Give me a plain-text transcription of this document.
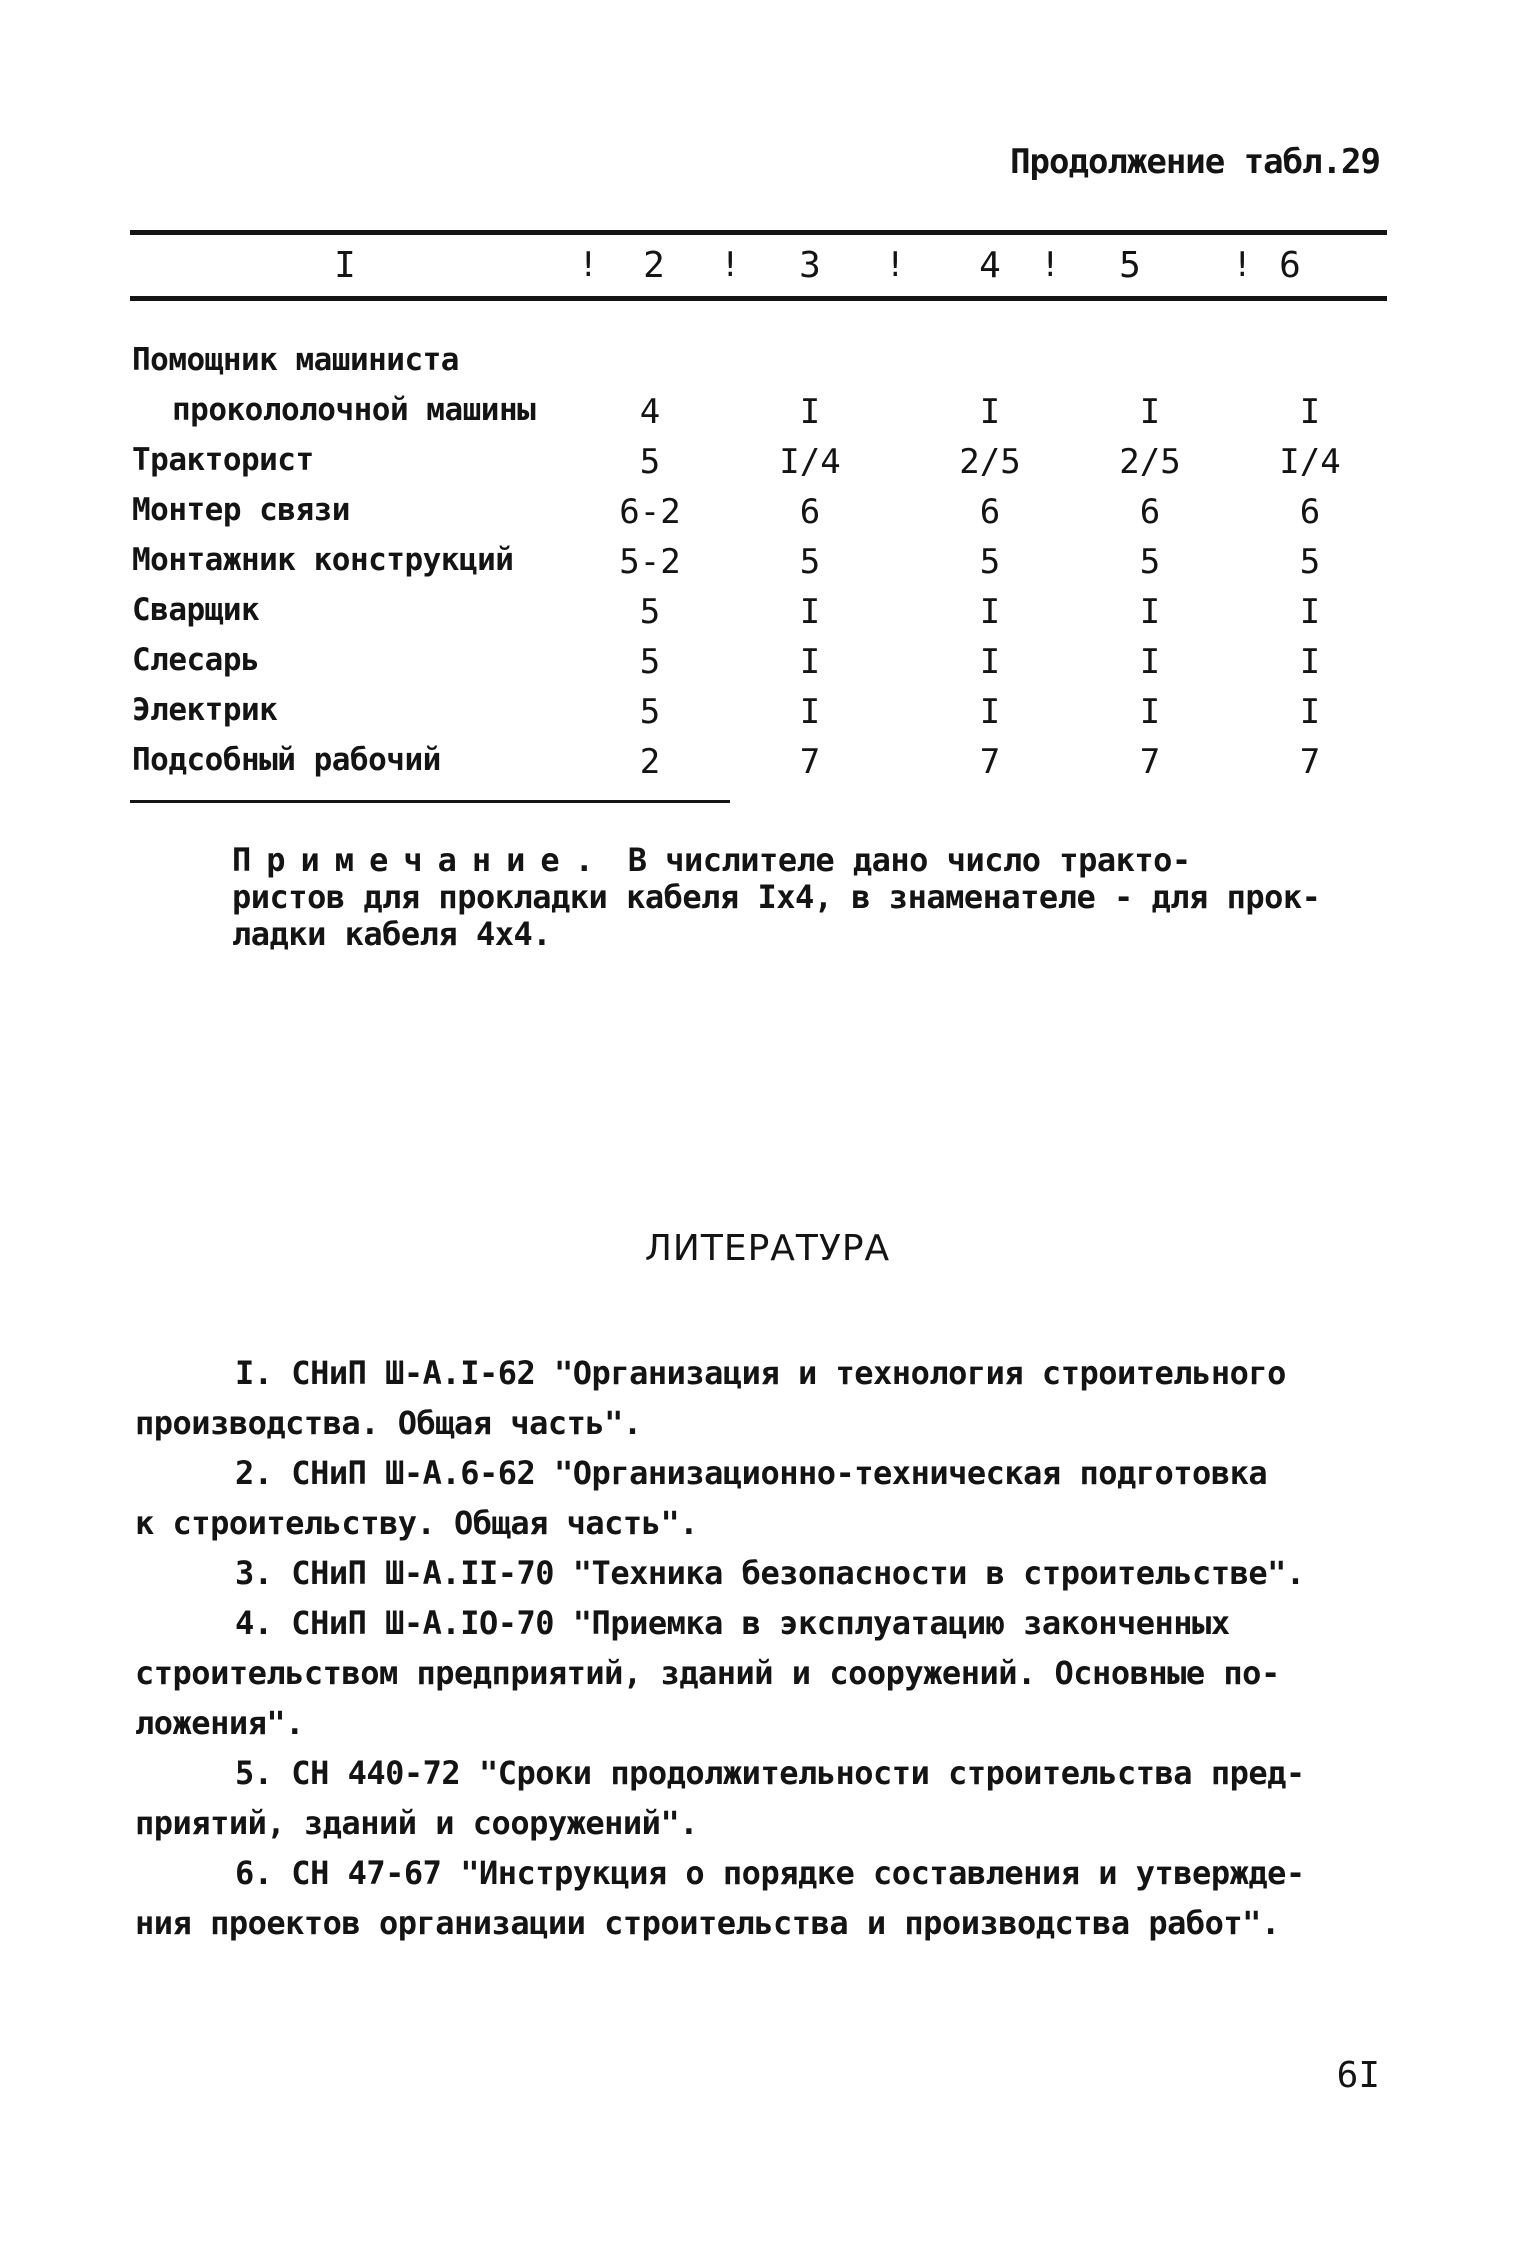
Продолжение табл.29
I	!	2	!	3	!	4	!	5	! 6
Помощник машиниста
прокололочной машины	4	I	I	I	I
Тракторист	5	I/4	2/5	2/5	I/4
Монтер связи	6-2	6	6	6	6
Монтажник конструкций	5-2	5	5	5	5
Сварщик	5	I	I	I	I
Слесарь	5	I	I	I	I
Электрик	5	I	I	I	I
Подсобный рабочий	2	7	7	7	7
Примечание. В числителе дано число тракто-
ристов для прокладки кабеля Iх4, в знаменателе - для прок-
ладки кабеля 4х4.
ЛИТЕРАТУРА
I. СНиП Ш-А.I-62 "Организация и технология строительного
производства. Общая часть".
2. СНиП Ш-А.6-62 "Организационно-техническая подготовка
к строительству. Общая часть".
3. СНиП Ш-А.II-70 "Техника безопасности в строительстве".
4. СНиП Ш-А.IO-70 "Приемка в эксплуатацию законченных
строительством предприятий, зданий и сооружений. Основные по-
ложения".
5. СН 440-72 "Сроки продолжительности строительства пред-
приятий, зданий и сооружений".
6. СН 47-67 "Инструкция о порядке составления и утвержде-
ния проектов организации строительства и производства работ".
6I
